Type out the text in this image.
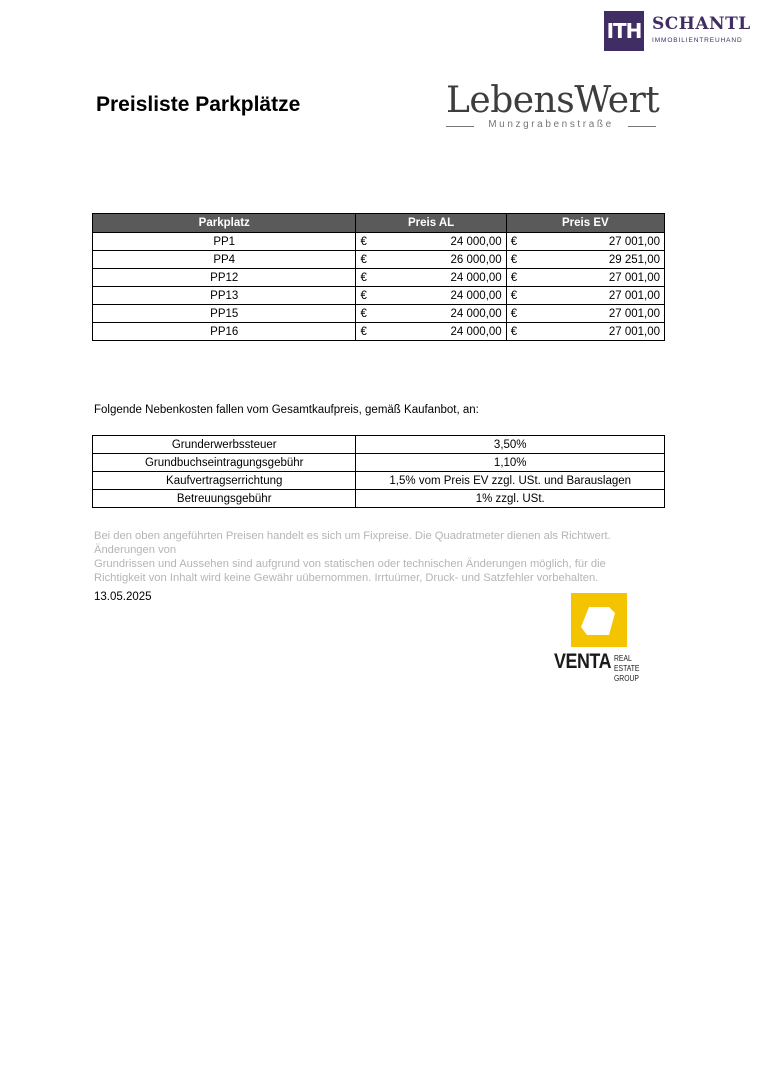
ITH SCHANTL
IMMOBILIENTREUHAND
Preisliste Parkplätze	LebensWert
Munzgrabenstraße
Parkplatz	Preis AL	Preis EV
PP1	€ 24 000,00	€ 27 001,00

PP4	€ 26 000,00	€ 29 251,00

PP12	€ 24 000,00	€ 27 001,00

PP13	€ 24 000,00	€ 27 001,00

PP15	€ 24 000,00	€ 27 001,00

PP16	€ 24 000,00	€ 27 001,00
Folgende Nebenkosten fallen vom Gesamtkaufpreis, gemäß Kaufanbot, an:
Grunderwerbssteuer	3,50%
Grundbuchseintragungsgebühr	1,10%
Kaufvertragserrichtung	1,5% vom Preis EV zzgl. USt. und Barauslagen
Betreuungsgebühr	1% zzgl. USt.
Bei den oben angeführten Preisen handelt es sich um Fixpreise. Die Quadratmeter dienen als Richtwert.
Änderungen von
Grundrissen und Aussehen sind aufgrund von statischen oder technischen Änderungen möglich, für die
Richtigkeit von Inhalt wird keine Gewähr uübernommen. Irrtuümer, Druck- und Satzfehler vorbehalten.
13.05.2025
VENTA REAL ESTATE
GROUP
